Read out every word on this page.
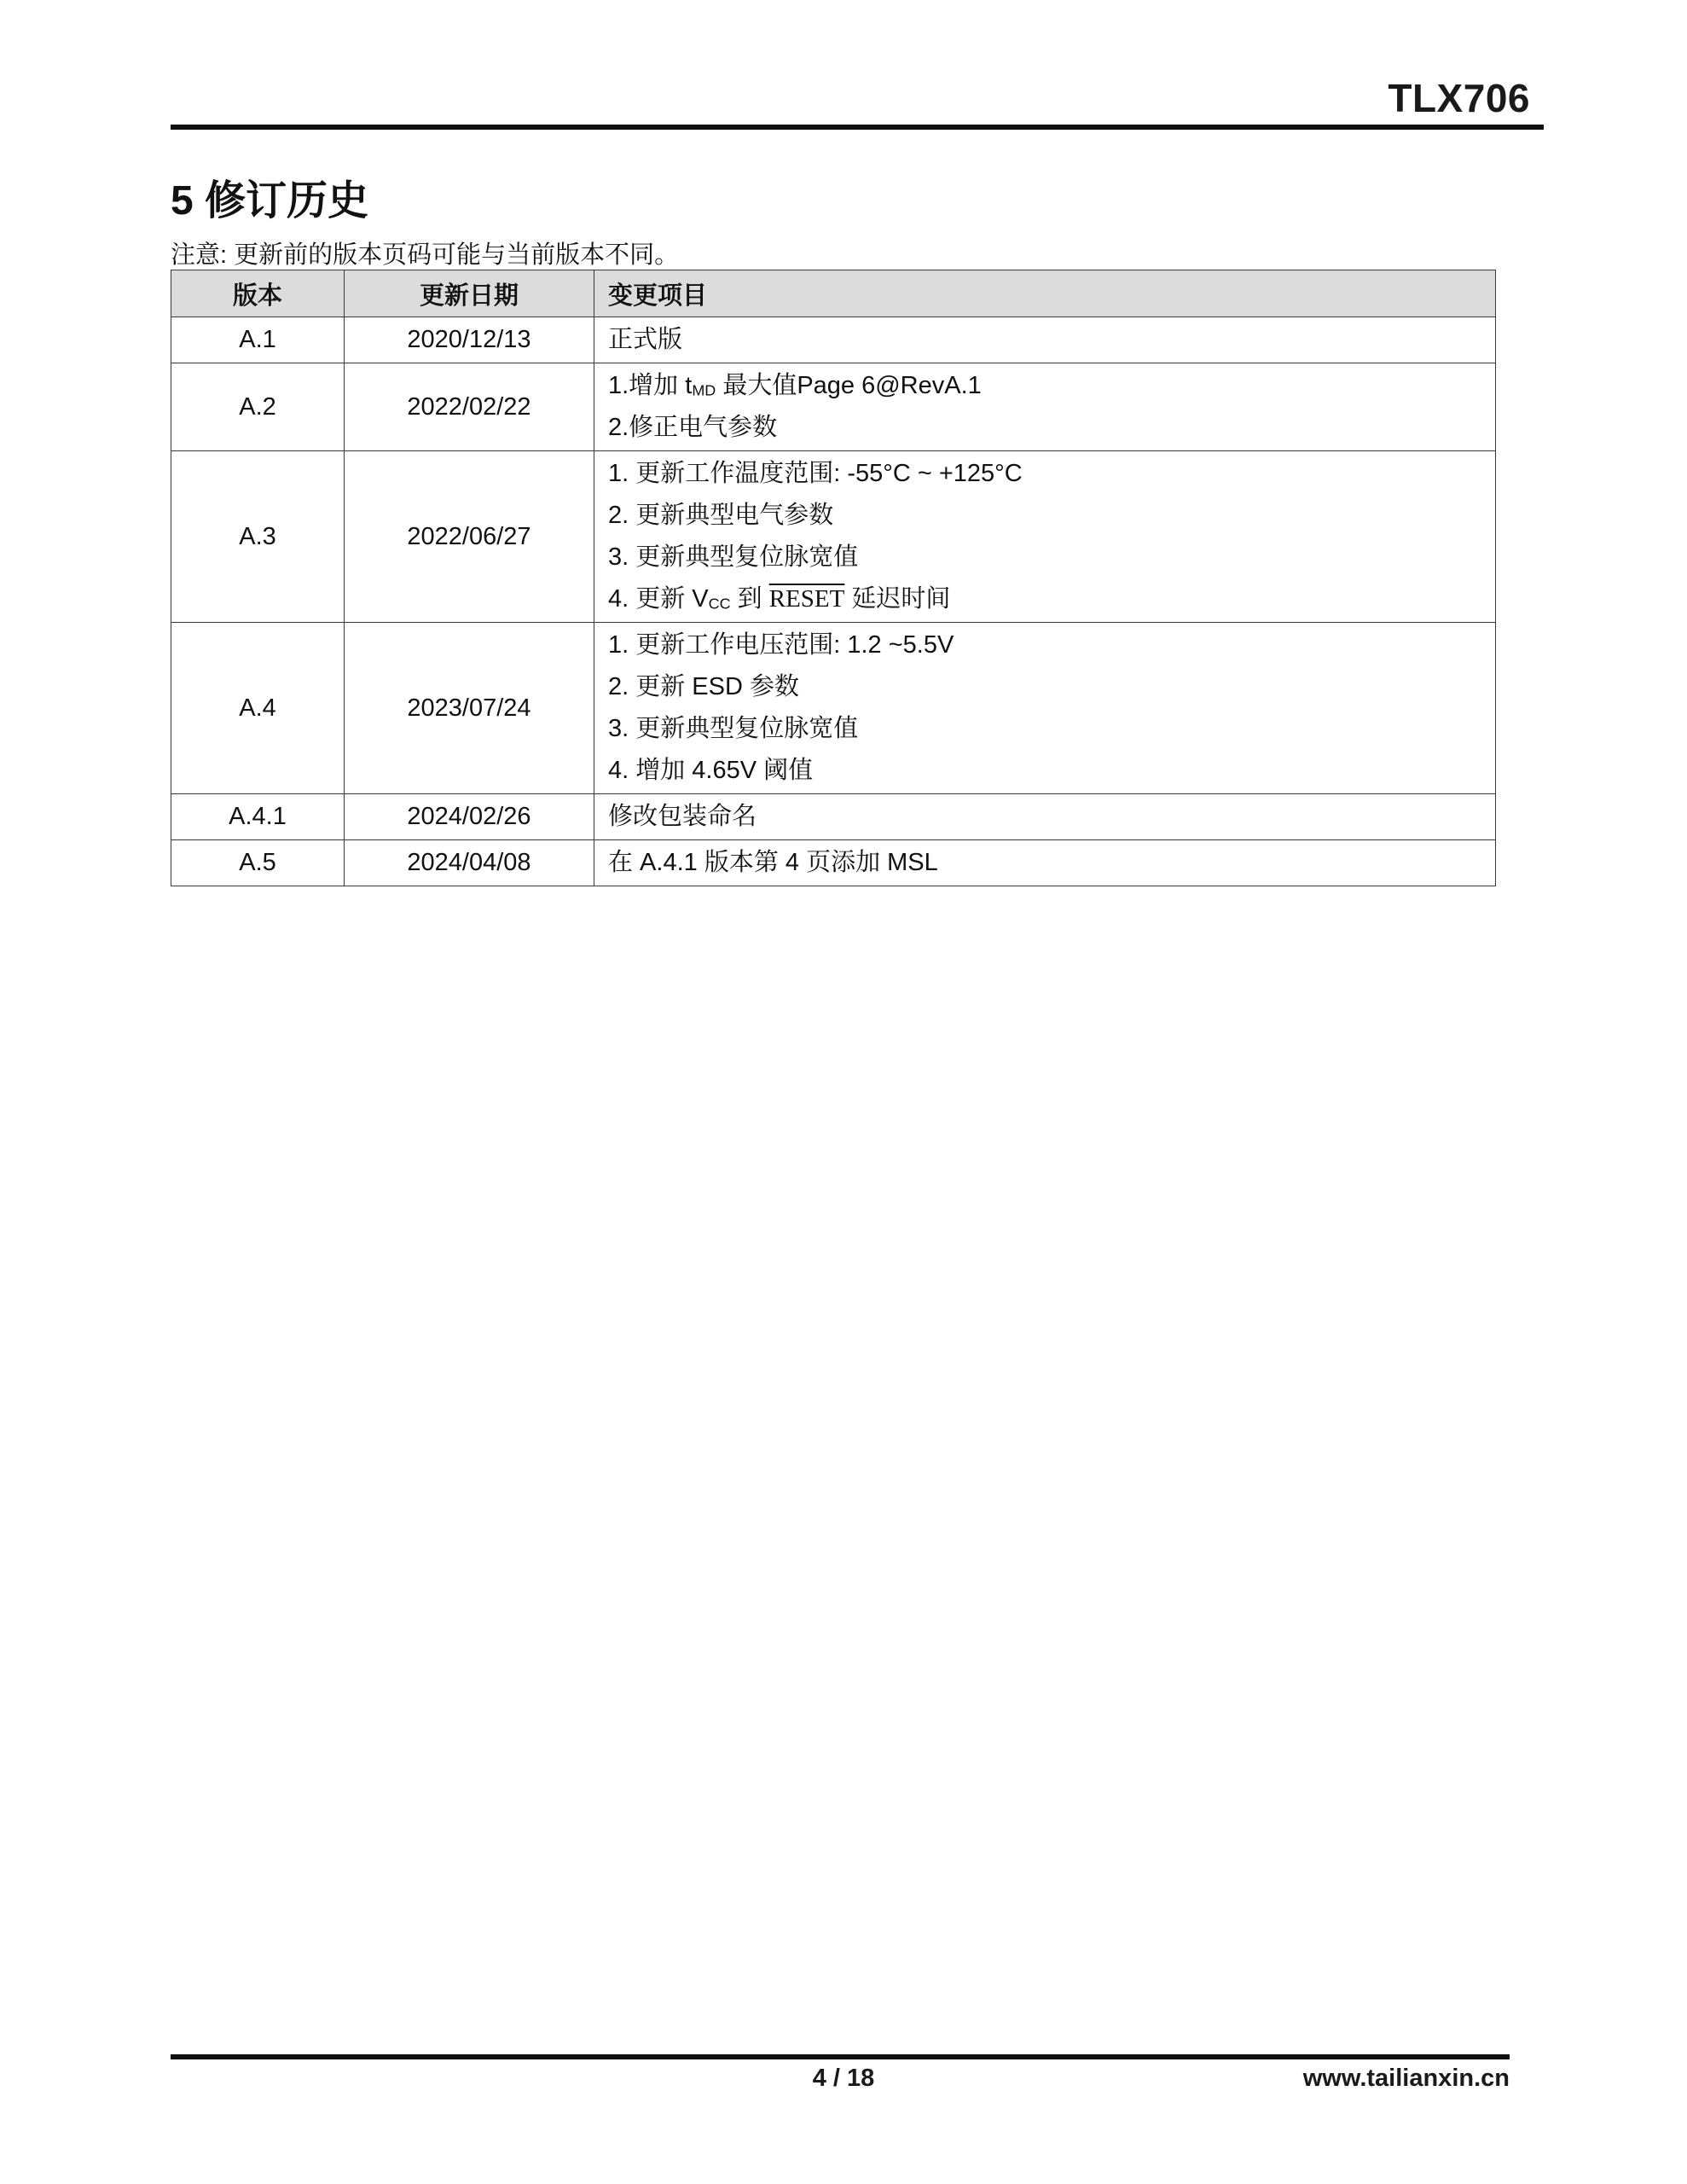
TLX706
5 修订历史
注意: 更新前的版本页码可能与当前版本不同。
版本	更新日期	变更项目
A.1	2020/12/13	正式版

A.2	2022/02/22	1.增加 tMD 最大值Page 6@RevA.1
2.修正电气参数

A.3	2022/06/27	1. 更新工作温度范围: -55°C ~ +125°C
2. 更新典型电气参数
3. 更新典型复位脉宽值
4. 更新 VCC 到 RESET 延迟时间

A.4	2023/07/24	1. 更新工作电压范围: 1.2 ~5.5V
2. 更新 ESD 参数
3. 更新典型复位脉宽值
4. 增加 4.65V 阈值

A.4.1	2024/02/26	修改包装命名

A.5	2024/04/08	在 A.4.1 版本第 4 页添加 MSL
4 / 18	www.tailianxin.cn
